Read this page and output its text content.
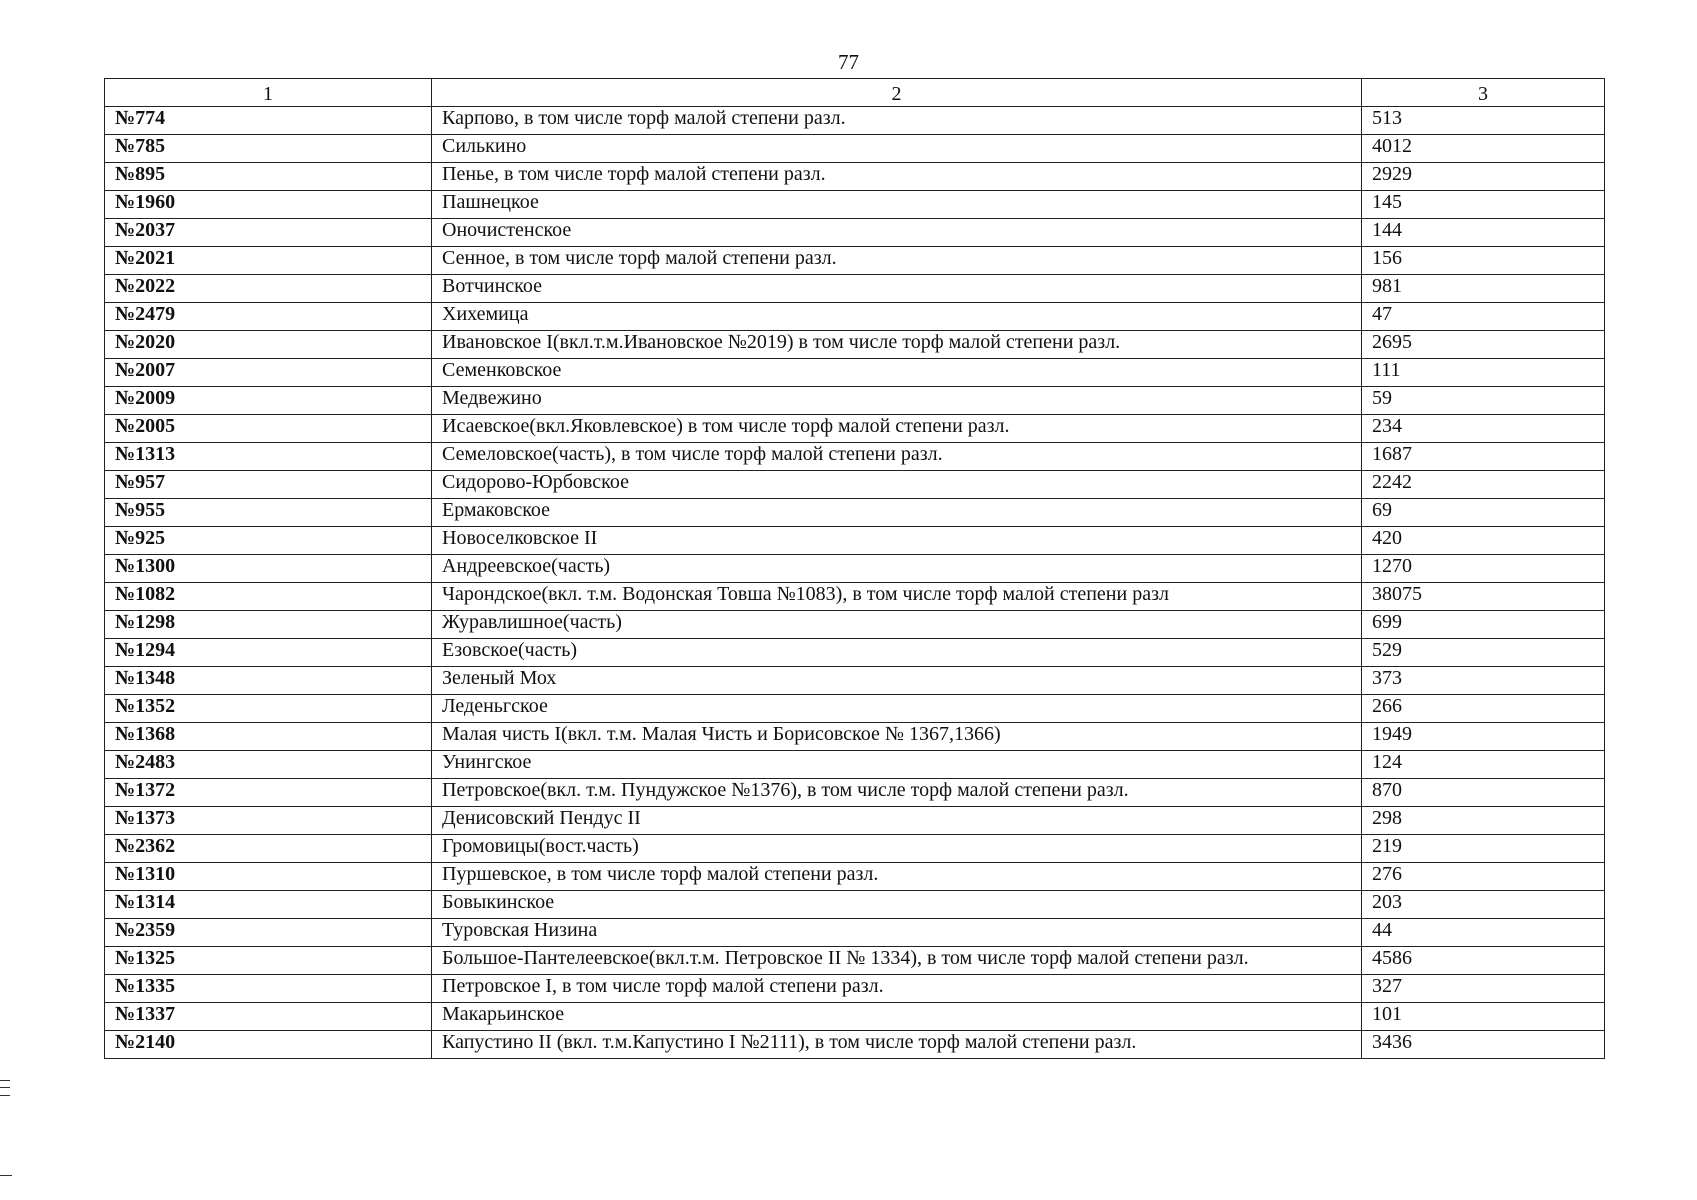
77
1	2	3
№774	Карпово, в том числе торф малой степени разл.	513
№785	Силькино	4012
№895	Пенье, в том числе торф малой степени разл.	2929
№1960	Пашнецкое	145
№2037	Оночистенское	144
№2021	Сенное, в том числе торф малой степени разл.	156
№2022	Вотчинское	981
№2479	Хихемица	47
№2020	Ивановское I(вкл.т.м.Ивановское №2019) в том числе торф малой степени разл.	2695
№2007	Семенковское	111
№2009	Медвежино	59
№2005	Исаевское(вкл.Яковлевское) в том числе торф малой степени разл.	234
№1313	Семеловское(часть), в том числе торф малой степени разл.	1687
№957	Сидорово-Юрбовское	2242
№955	Ермаковское	69
№925	Новоселковское II	420
№1300	Андреевское(часть)	1270
№1082	Чарондское(вкл. т.м. Водонская Товша №1083), в том числе торф малой степени разл	38075
№1298	Журавлишное(часть)	699
№1294	Езовское(часть)	529
№1348	Зеленый Мох	373
№1352	Леденьгское	266
№1368	Малая чисть I(вкл. т.м. Малая Чисть и Борисовское № 1367,1366)	1949
№2483	Унингское	124
№1372	Петровское(вкл. т.м. Пундужское №1376), в том числе торф малой степени разл.	870
№1373	Денисовский Пендус II	298
№2362	Громовицы(вост.часть)	219
№1310	Пуршевское, в том числе торф малой степени разл.	276
№1314	Бовыкинское	203
№2359	Туровская Низина	44
№1325	Большое-Пантелеевское(вкл.т.м. Петровское II № 1334), в том числе торф малой степени разл.	4586
№1335	Петровское I, в том числе торф малой степени разл.	327
№1337	Макарьинское	101
№2140	Капустино II (вкл. т.м.Капустино I №2111), в том числе торф малой степени разл.	3436
